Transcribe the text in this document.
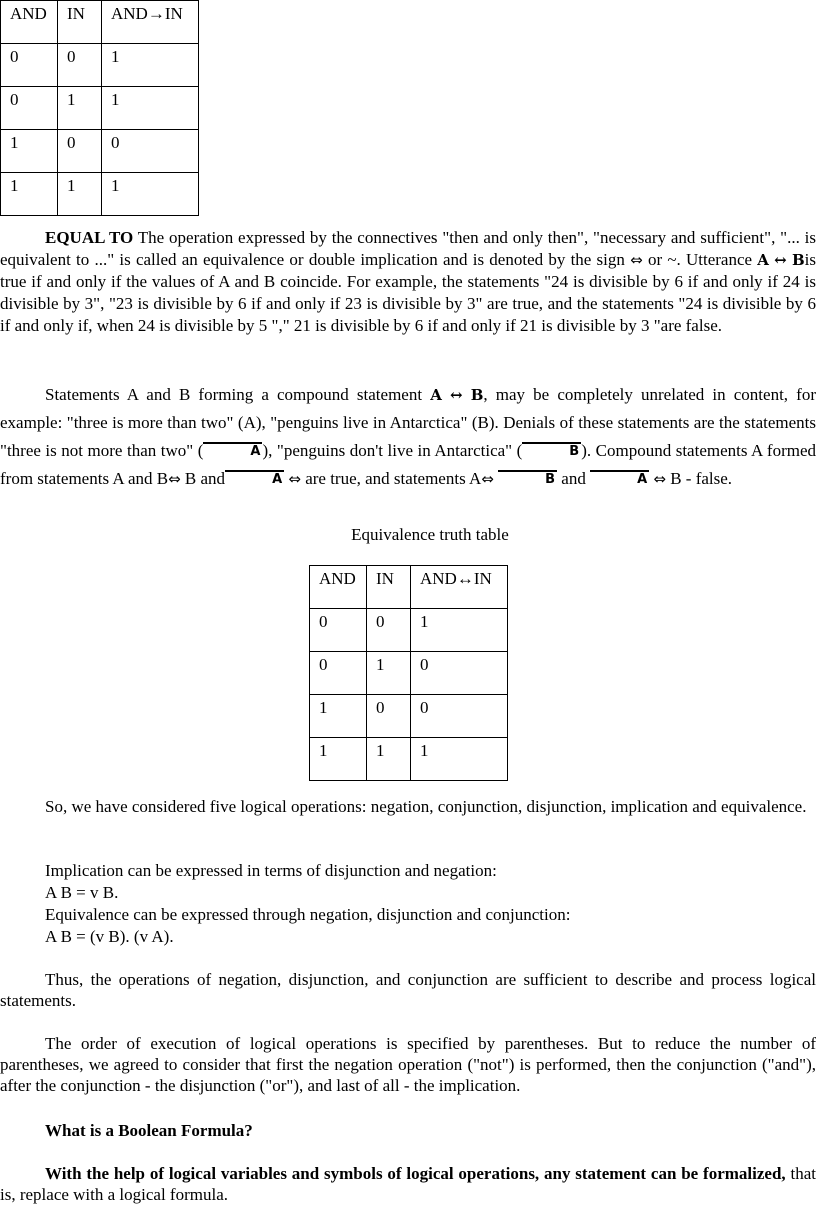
AND	IN	AND→IN
0	0	1
0	1	1
1	0	0
1	1	1
EQUAL TO The operation expressed by the connectives "then and only then", "necessary and sufficient", "... is equivalent to ..." is called an equivalence or double implication and is denoted by the sign ⇔ or ~. Utterance A ↔ Bis true if and only if the values of A and B coincide. For example, the statements "24 is divisible by 6 if and only if 24 is divisible by 3", "23 is divisible by 6 if and only if 23 is divisible by 3" are true, and the statements "24 is divisible by 6 if and only if, when 24 is divisible by 5 "," 21 is divisible by 6 if and only if 21 is divisible by 3 "are false.
Statements A and B forming a compound statement A ↔ B, may be completely unrelated in content, for example: "three is more than two" (A), "penguins live in Antarctica" (B). Denials of these statements are the statements "three is not more than two" (	A ), "penguins don't live in Antarctica" (	B ). Compound statements A formed from statements A and B⇔ B and	A ⇔ are true, and statements A⇔	B and	A ⇔ B - false.
Equivalence truth table
AND	IN	AND↔IN
0	0	1
0	1	0
1	0	0
1	1	1
So, we have considered five logical operations: negation, conjunction, disjunction, implication and equivalence.
Implication can be expressed in terms of disjunction and negation:
A B = v B.
Equivalence can be expressed through negation, disjunction and conjunction:
A B = (v B). (v A).
Thus, the operations of negation, disjunction, and conjunction are sufficient to describe and process logical statements.
The order of execution of logical operations is specified by parentheses. But to reduce the number of parentheses, we agreed to consider that first the negation operation ("not") is performed, then the conjunction ("and"), after the conjunction - the disjunction ("or"), and last of all - the implication.
What is a Boolean Formula?
With the help of logical variables and symbols of logical operations, any statement can be formalized, that is, replace with a logical formula.
